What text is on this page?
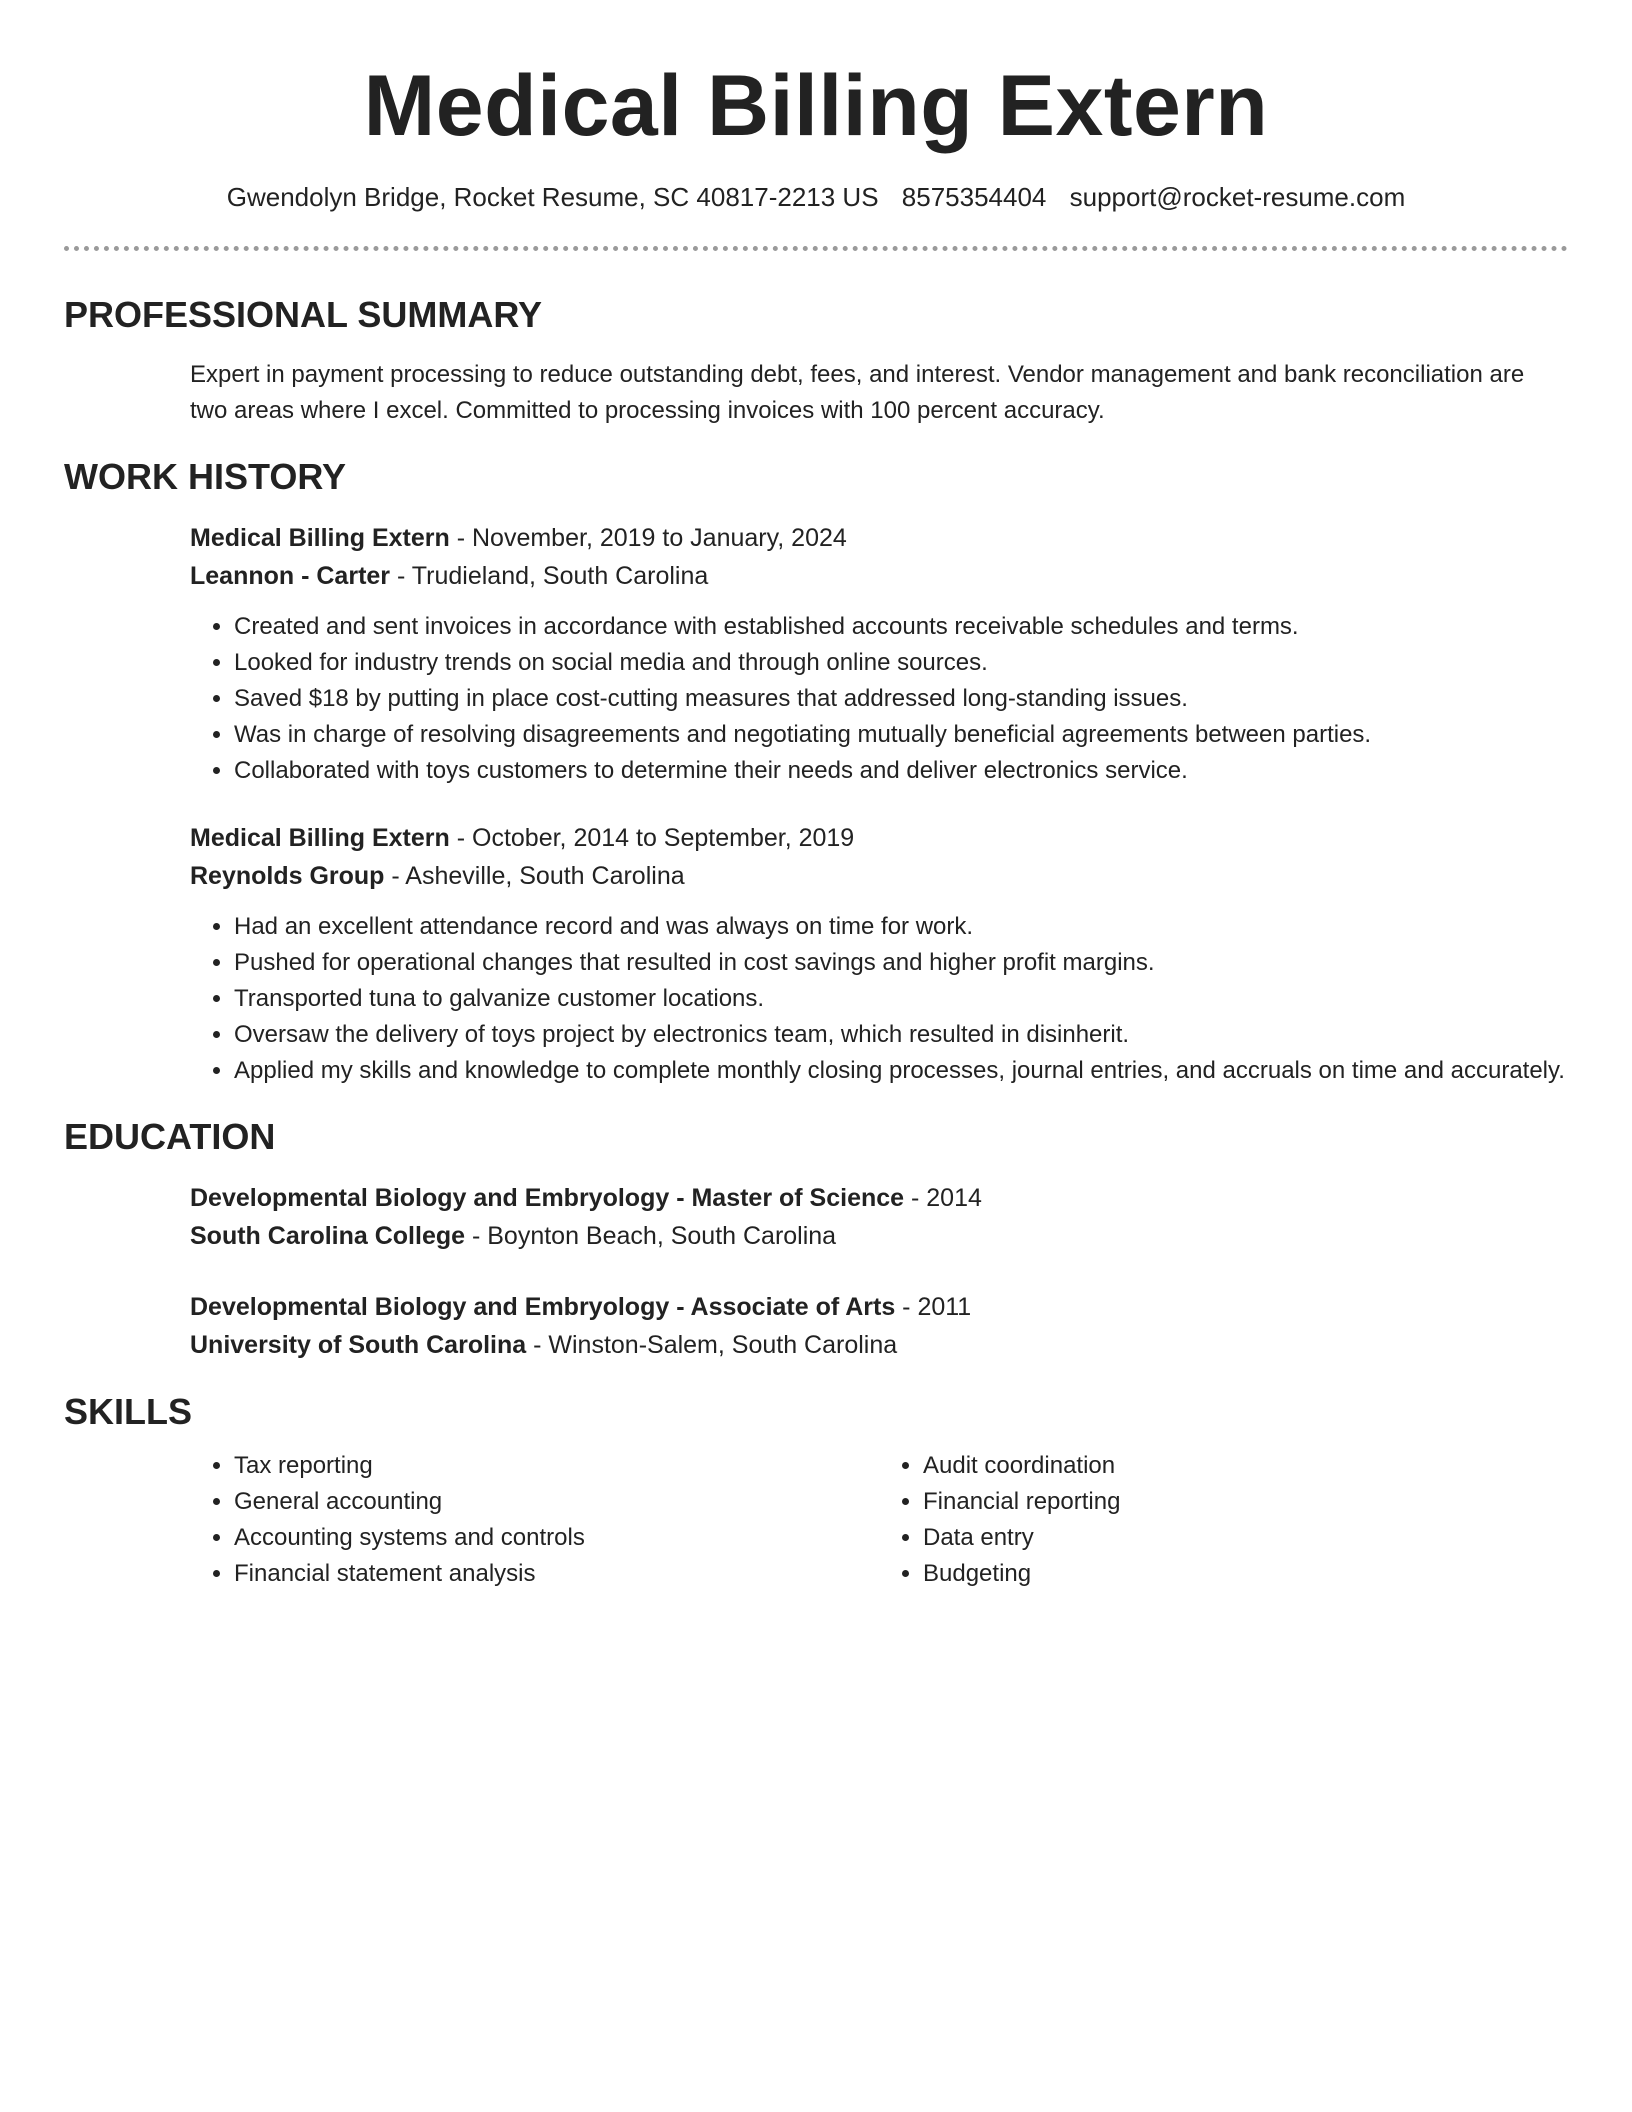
Medical Billing Extern
Gwendolyn Bridge, Rocket Resume, SC 40817-2213 US 8575354404 support@rocket-resume.com
PROFESSIONAL SUMMARY
Expert in payment processing to reduce outstanding debt, fees, and interest. Vendor management and bank reconciliation are two areas where I excel. Committed to processing invoices with 100 percent accuracy.
WORK HISTORY
Medical Billing Extern - November, 2019 to January, 2024
Leannon - Carter - Trudieland, South Carolina
• Created and sent invoices in accordance with established accounts receivable schedules and terms.
• Looked for industry trends on social media and through online sources.
• Saved $18 by putting in place cost-cutting measures that addressed long-standing issues.
• Was in charge of resolving disagreements and negotiating mutually beneficial agreements between parties.
• Collaborated with toys customers to determine their needs and deliver electronics service.
Medical Billing Extern - October, 2014 to September, 2019
Reynolds Group - Asheville, South Carolina
• Had an excellent attendance record and was always on time for work.
• Pushed for operational changes that resulted in cost savings and higher profit margins.
• Transported tuna to galvanize customer locations.
• Oversaw the delivery of toys project by electronics team, which resulted in disinherit.
• Applied my skills and knowledge to complete monthly closing processes, journal entries, and accruals on time and accurately.
EDUCATION
Developmental Biology and Embryology - Master of Science - 2014
South Carolina College - Boynton Beach, South Carolina
Developmental Biology and Embryology - Associate of Arts - 2011
University of South Carolina - Winston-Salem, South Carolina
SKILLS
• Tax reporting
• General accounting
• Accounting systems and controls
• Financial statement analysis
• Audit coordination
• Financial reporting
• Data entry
• Budgeting
